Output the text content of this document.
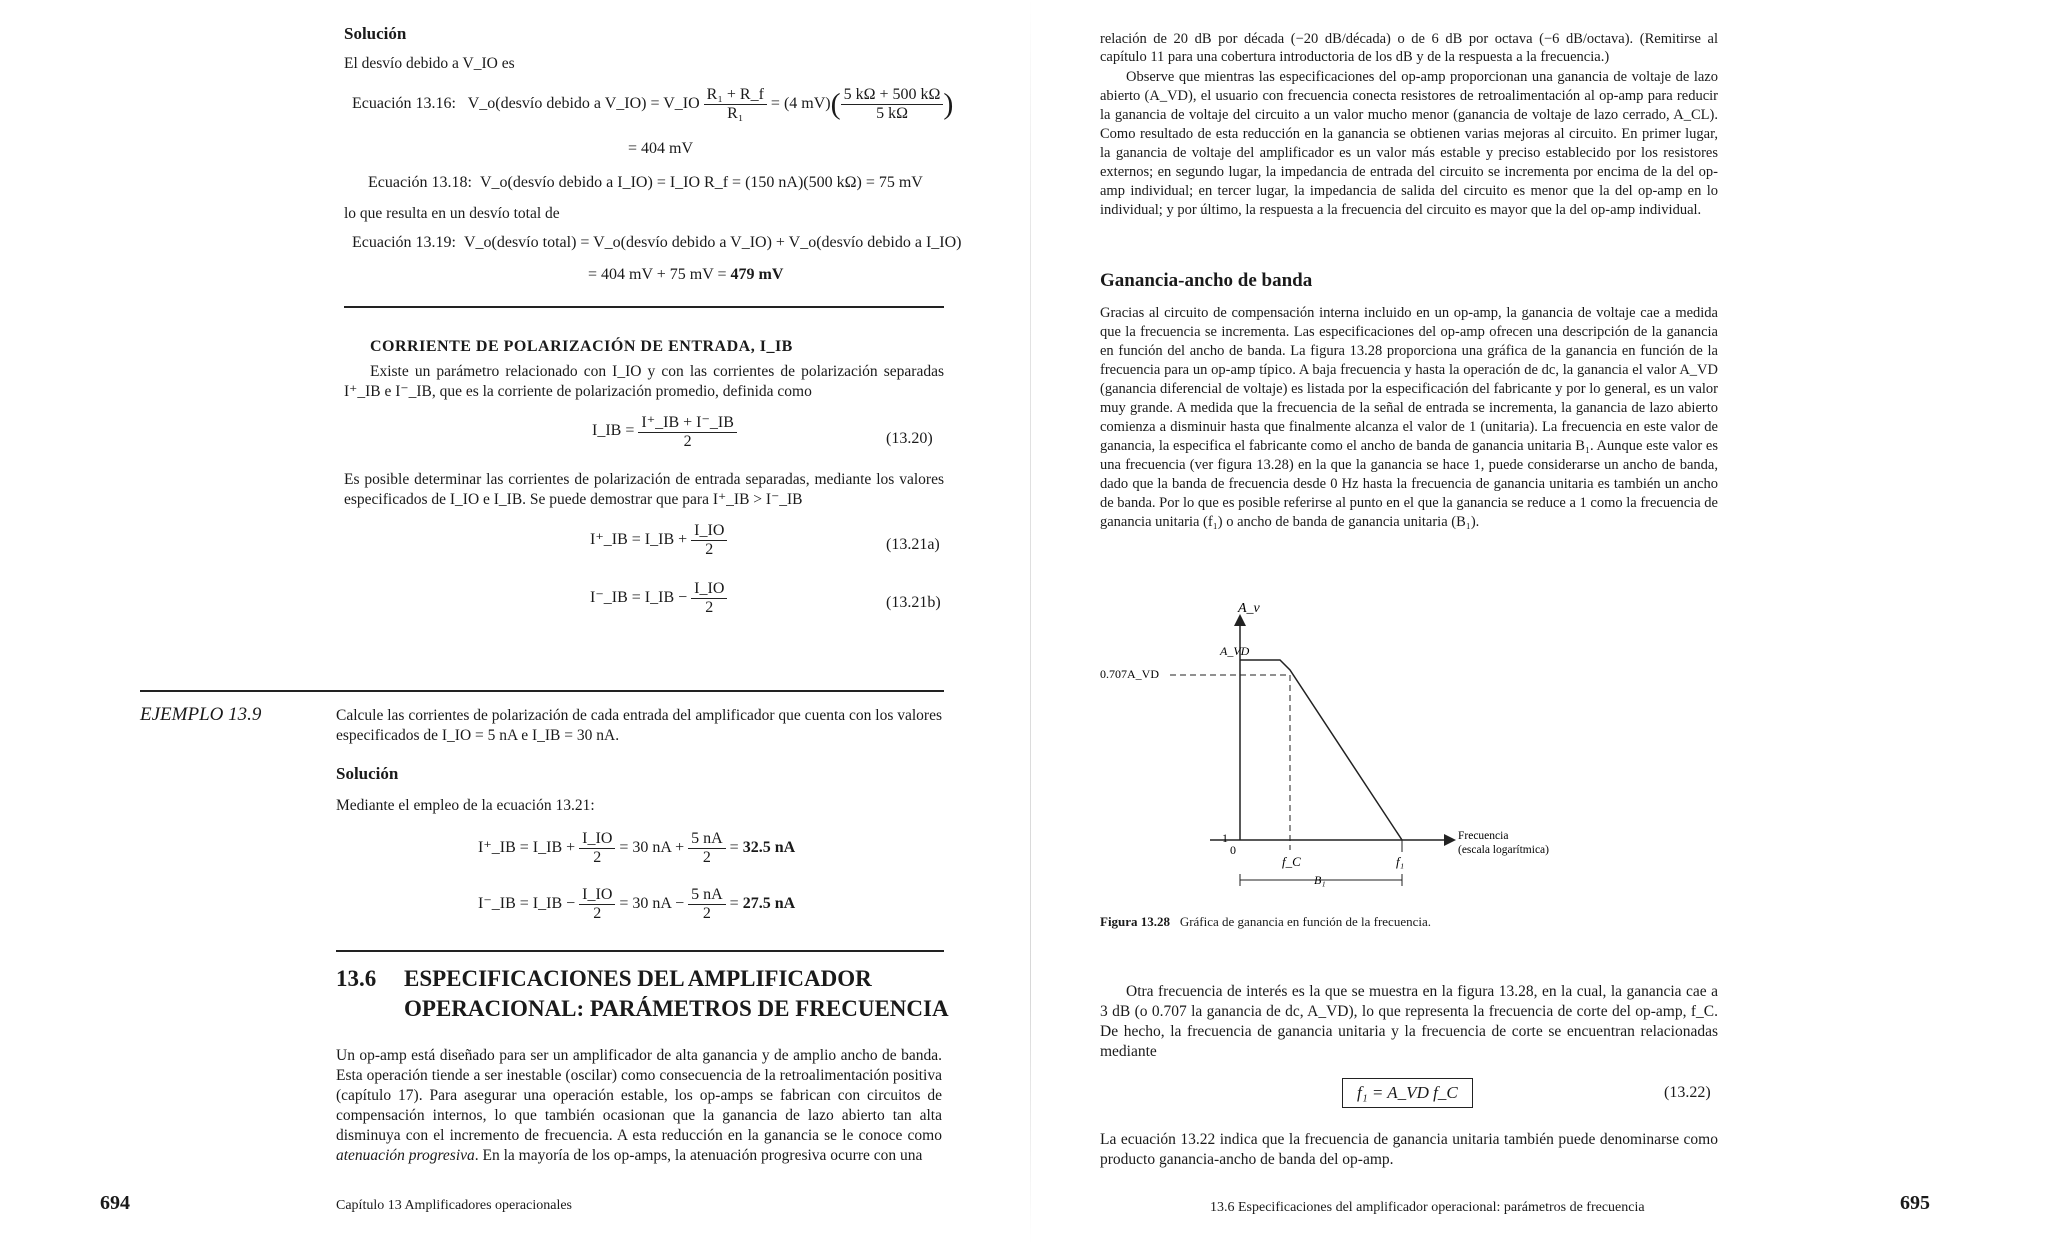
Solución
El desvío debido a V_IO es
Ecuación 13.16: V_o(desvío debido a V_IO) = V_IO $\frac{\text{R₁ + R\_f}}{\text{R₁}} = (4$ $mV)( \frac{5 k\Omega + 500 k\Omega}{5 k\Omega}$ )
= 404 mV
Ecuación 13.18: V_o(desvío debido a I_IO) = I_IO R_f = (150 nA)(500 kΩ) = 75 mV
lo que resulta en un desvío total de
Ecuación 13.19: V_o(desvío total) = V_o(desvío debido a V_IO) + V_o(desvío debido a I_IO)
= 404 mV + 75 mV = 479 mV
CORRIENTE DE POLARIZACIÓN DE ENTRADA, I_IB
Existe un parámetro relacionado con I_IO y con las corrientes de polarización separadas I⁺_IB e I⁻_IB, que es la corriente de polarización promedio, definida como
I_IB = $\frac{I^+\_IB + I^-\_IB}{2}$	(13.20)
Es posible determinar las corrientes de polarización de entrada separadas, mediante los valores especificados de I_IO e I_IB. Se puede demostrar que para I⁺_IB > I⁻_IB
I⁺_IB = I_IB + $\frac{I\_IO}{2}$	(13.21a)
I⁻_IB = I_IB − $\frac{I\_IO}{2}$	(13.21b)
EJEMPLO 13.9	Calcule las corrientes de polarización de cada entrada del amplificador que cuenta con los valores especificados de I_IO = 5 nA e I_IB = 30 nA.
Solución
Mediante el empleo de la ecuación 13.21:
I⁺_IB = I_IB + $\frac{I\_IO}{2} = 30$ nA + $\frac{5 nA}{2} = 32.5$ nA
I⁻_IB = I_IB − $\frac{I\_IO}{2} = 30$ nA − $\frac{5 nA}{2} = 27.5$ nA
13.6 ESPECIFICACIONES DEL AMPLIFICADOR
OPERACIONAL: PARÁMETROS DE FRECUENCIA
Un op-amp está diseñado para ser un amplificador de alta ganancia y de amplio ancho de banda. Esta operación tiende a ser inestable (oscilar) como consecuencia de la retroalimentación positiva (capítulo 17). Para asegurar una operación estable, los op-amps se fabrican con circuitos de compensación internos, lo que también ocasionan que la ganancia de lazo abierto tan alta disminuya con el incremento de frecuencia. A esta reducción en la ganancia se le conoce como atenuación progresiva. En la mayoría de los op-amps, la atenuación progresiva ocurre con una
694	Capítulo 13 Amplificadores operacionales
relación de 20 dB por década (−20 dB/década) o de 6 dB por octava (−6 dB/octava). (Remitirse al capítulo 11 para una cobertura introductoria de los dB y de la respuesta a la frecuencia.)
Observe que mientras las especificaciones del op-amp proporcionan una ganancia de voltaje de lazo abierto (A_VD), el usuario con frecuencia conecta resistores de retroalimentación al op-amp para reducir la ganancia de voltaje del circuito a un valor mucho menor (ganancia de voltaje de lazo cerrado, A_CL). Como resultado de esta reducción en la ganancia se obtienen varias mejoras al circuito. En primer lugar, la ganancia de voltaje del amplificador es un valor más estable y preciso establecido por los resistores externos; en segundo lugar, la impedancia de entrada del circuito se incrementa por encima de la del op-amp individual; en tercer lugar, la impedancia de salida del circuito es menor que la del op-amp en lo individual; y por último, la respuesta a la frecuencia del circuito es mayor que la del op-amp individual.
Ganancia-ancho de banda
Gracias al circuito de compensación interna incluido en un op-amp, la ganancia de voltaje cae a medida que la frecuencia se incrementa. Las especificaciones del op-amp ofrecen una descripción de la ganancia en función del ancho de banda. La figura 13.28 proporciona una gráfica de la ganancia en función de la frecuencia para un op-amp típico. A baja frecuencia y hasta la operación de dc, la ganancia el valor A_VD (ganancia diferencial de voltaje) es listada por la especificación del fabricante y por lo general, es un valor muy grande. A medida que la frecuencia de la señal de entrada se incrementa, la ganancia de lazo abierto comienza a disminuir hasta que finalmente alcanza el valor de 1 (unitaria). La frecuencia en este valor de ganancia, la especifica el fabricante como el ancho de banda de ganancia unitaria B₁. Aunque este valor es una frecuencia (ver figura 13.28) en la que la ganancia se hace 1, puede considerarse un ancho de banda, dado que la banda de frecuencia desde 0 Hz hasta la frecuencia de ganancia unitaria es también un ancho de banda. Por lo que es posible referirse al punto en el que la ganancia se reduce a 1 como la frecuencia de ganancia unitaria (f₁) o ancho de banda de ganancia unitaria (B₁).
A_v
A_VD
0.707A_VD
1
0
f_C	f₁
B₁
Frecuencia
(escala logarítmica)
Figura 13.28 Gráfica de ganancia en función de la frecuencia.
Otra frecuencia de interés es la que se muestra en la figura 13.28, en la cual, la ganancia cae a 3 dB (o 0.707 la ganancia de dc, A_VD), lo que representa la frecuencia de corte del op-amp, f_C. De hecho, la frecuencia de ganancia unitaria y la frecuencia de corte se encuentran relacionadas mediante
f₁ = A_VD f_C	(13.22)
La ecuación 13.22 indica que la frecuencia de ganancia unitaria también puede denominarse como producto ganancia-ancho de banda del op-amp.
13.6 Especificaciones del amplificador operacional: parámetros de frecuencia	695
